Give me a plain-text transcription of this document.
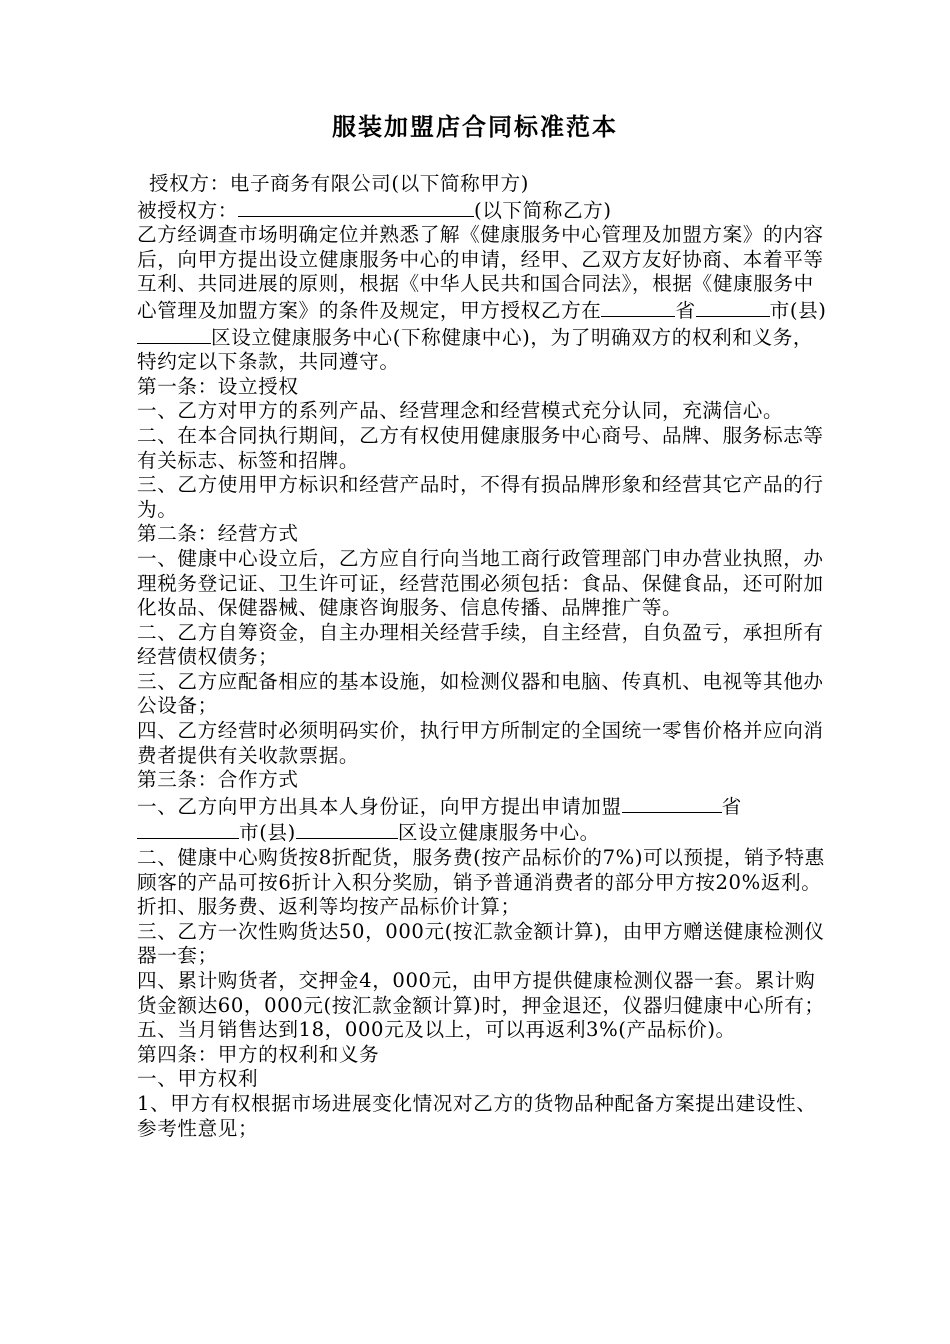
服装加盟店合同标准范本

授权方：电子商务有限公司(以下简称甲方)

被授权方：	(以下简称乙方)

乙方经调查市场明确定位并熟悉了解《健康服务中心管理及加盟方案》的内容后，向甲方提出设立健康服务中心的申请，经甲、乙双方友好协商、本着平等互利、共同进展的原则，根据《中华人民共和国合同法》，根据《健康服务中心管理及加盟方案》的条件及规定，甲方授权乙方在	省	市(县)区设立健康服务中心(下称健康中心)，为了明确双方的权利和义务，特约定以下条款，共同遵守。

第一条：设立授权

一、乙方对甲方的系列产品、经营理念和经营模式充分认同，充满信心。

二、在本合同执行期间，乙方有权使用健康服务中心商号、品牌、服务标志等有关标志、标签和招牌。

三、乙方使用甲方标识和经营产品时，不得有损品牌形象和经营其它产品的行为。

第二条：经营方式

一、健康中心设立后，乙方应自行向当地工商行政管理部门申办营业执照，办理税务登记证、卫生许可证，经营范围必须包括：食品、保健食品，还可附加化妆品、保健器械、健康咨询服务、信息传播、品牌推广等。

二、乙方自筹资金，自主办理相关经营手续，自主经营，自负盈亏，承担所有经营债权债务；

三、乙方应配备相应的基本设施，如检测仪器和电脑、传真机、电视等其他办公设备；

四、乙方经营时必须明码实价，执行甲方所制定的全国统一零售价格并应向消费者提供有关收款票据。

第三条：合作方式

一、乙方向甲方出具本人身份证，向甲方提出申请加盟	省市(县)	区设立健康服务中心。

二、健康中心购货按8折配货，服务费(按产品标价的7%)可以预提，销予特惠顾客的产品可按6折计入积分奖励，销予普通消费者的部分甲方按20%返利。折扣、服务费、返利等均按产品标价计算；

三、乙方一次性购货达50，000元(按汇款金额计算)，由甲方赠送健康检测仪器一套；

四、累计购货者，交押金4，000元，由甲方提供健康检测仪器一套。累计购货金额达60，000元(按汇款金额计算)时，押金退还，仪器归健康中心所有；

五、当月销售达到18，000元及以上，可以再返利3%(产品标价)。

第四条：甲方的权利和义务

一、甲方权利

1、甲方有权根据市场进展变化情况对乙方的货物品种配备方案提出建设性、参考性意见；
